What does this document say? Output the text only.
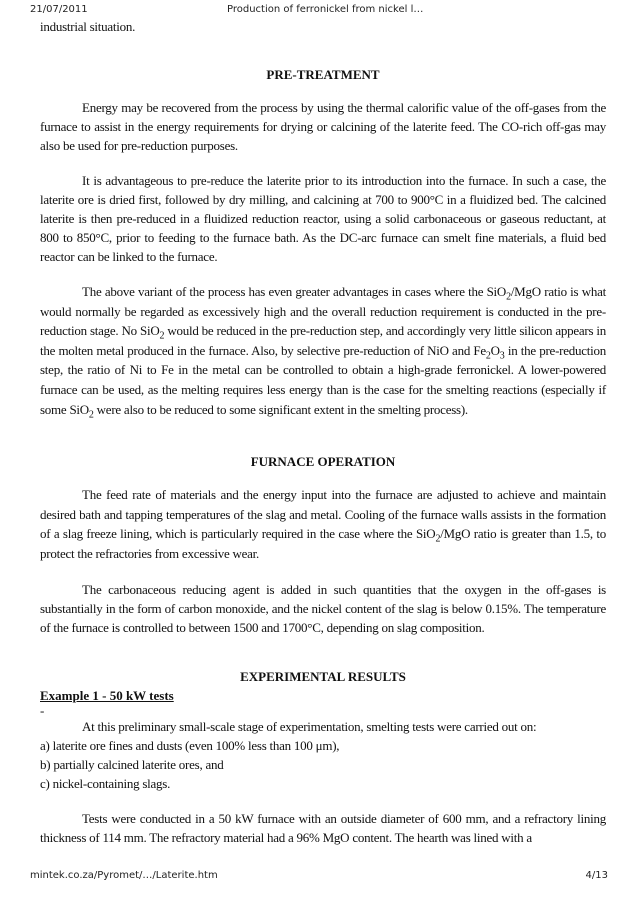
21/07/2011	Production of ferronickel from nickel l…

industrial situation.

PRE-TREATMENT

Energy may be recovered from the process by using the thermal calorific value of the off-gases from the furnace to assist in the energy requirements for drying or calcining of the laterite feed. The CO-rich off-gas may also be used for pre-reduction purposes.

It is advantageous to pre-reduce the laterite prior to its introduction into the furnace. In such a case, the laterite ore is dried first, followed by dry milling, and calcining at 700 to 900°C in a fluidized bed. The calcined laterite is then pre-reduced in a fluidized reduction reactor, using a solid carbonaceous or gaseous reductant, at 800 to 850°C, prior to feeding to the furnace bath. As the DC-arc furnace can smelt fine materials, a fluid bed reactor can be linked to the furnace.

The above variant of the process has even greater advantages in cases where the SiO$_2$/MgO ratio is what would normally be regarded as excessively high and the overall reduction requirement is conducted in the pre-reduction stage. No SiO$_2$ would be reduced in the pre-reduction step, and accordingly very little silicon appears in the molten metal produced in the furnace. Also, by selective pre-reduction of NiO and $Fe_2O_3$ in the pre-reduction step, the ratio of Ni to Fe in the metal can be controlled to obtain a high-grade ferronickel. A lower-powered furnace can be used, as the melting requires less energy than is the case for the smelting reactions (especially if some SiO$_2$ were also to be reduced to some significant extent in the smelting process).

FURNACE OPERATION

The feed rate of materials and the energy input into the furnace are adjusted to achieve and maintain desired bath and tapping temperatures of the slag and metal. Cooling of the furnace walls assists in the formation of a slag freeze lining, which is particularly required in the case where the SiO$_2$/MgO ratio is greater than 1.5, to protect the refractories from excessive wear.

The carbonaceous reducing agent is added in such quantities that the oxygen in the off-gases is substantially in the form of carbon monoxide, and the nickel content of the slag is below 0.15%. The temperature of the furnace is controlled to between 1500 and 1700°C, depending on slag composition.

EXPERIMENTAL RESULTS

Example 1 - 50 kW tests

-

At this preliminary small-scale stage of experimentation, smelting tests were carried out on:

a) laterite ore fines and dusts (even 100% less than 100 μm),

b) partially calcined laterite ores, and

c) nickel-containing slags.

Tests were conducted in a 50 kW furnace with an outside diameter of 600 mm, and a refractory lining thickness of 114 mm. The refractory material had a 96% MgO content. The hearth was lined with a

mintek.co.za/Pyromet/…/Laterite.htm	4/13
